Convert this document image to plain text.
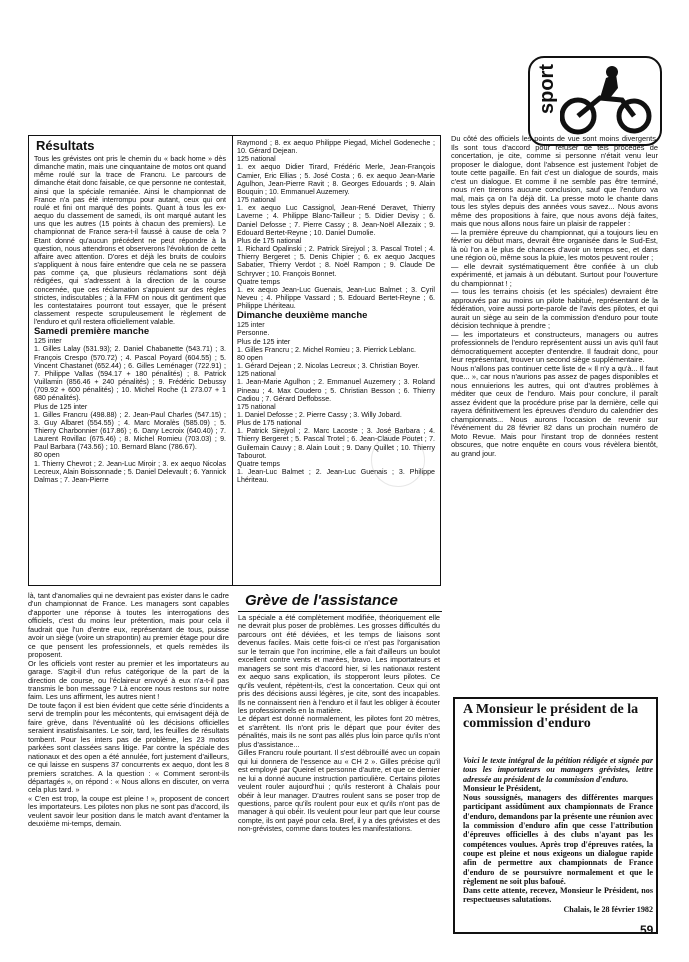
sport
Résultats

Tous les grévistes ont pris le chemin du « back home » dès dimanche matin, mais une cinquantaine de motos ont quand même roulé sur la trace de Francru. Le parcours de dimanche était donc faisable, ce que personne ne contestait, ainsi que la spéciale remaniée. Ainsi le championnat de France n'a pas été interrompu pour autant, ceux qui ont roulé et fini ont marqué des points. Quant à tous les ex-aequo du classement de samedi, ils ont marqué autant les uns que les autres (15 points à chacun des premiers). Le championnat de France sera-t-il faussé à cause de cela ? Etant donné qu'aucun précédent ne peut répondre à la question, nous attendrons et observerons l'évolution de cette affaire avec attention. D'ores et déjà les bruits de couloirs s'appliquent à nous faire entendre que cela ne se passera pas comme ça, que plusieurs réclamations sont déjà rédigées, qui s'adressent à la direction de la course concernée, que ces réclamation s'appuient sur des règles strictes, indiscutables ; à la FFM on nous dit gentiment que les contestataires pourront tout essayer, que le présent classement respecte scrupuleusement le règlement de l'enduro et qu'il restera officiellement valable.

Samedi première manche

125 inter

1. Gilles Lalay (531.93); 2. Daniel Chabanette (543.71) ; 3. François Crespo (570.72) ; 4. Pascal Poyard (604.55) ; 5. Vincent Chastanet (652.44) ; 6. Gilles Leménager (722.91) ; 7. Philippe Vallas (594.17 + 180 pénalités) ; 8. Patrick Vuillamin (856.46 + 240 pénalités) ; 9. Frédéric Debussy (709.92 + 600 pénalités) ; 10. Michel Roche (1 273.07 + 1 680 pénalités).

Plus de 125 inter

1. Gilles Francru (498.88) ; 2. Jean-Paul Charles (547.15) ; 3. Guy Albaret (554.55) ; 4. Marc Moralès (585.09) ; 5. Thierry Charbonnier (617.86) ; 6. Dany Lecroix (640.40) ; 7. Laurent Rovillac (675.46) ; 8. Michel Romieu (703.03) ; 9. Paul Barbara (743.56) ; 10. Bernard Blanc (786.67).

80 open

1. Thierry Chevrot ; 2. Jean-Luc Miroir ; 3. ex aequo Nicolas Lecreux, Alain Boissonnade ; 5. Daniel Delevault ; 6. Yannick Dalmas ; 7. Jean-Pierre

Raymond ; 8. ex aequo Philippe Piegad, Michel Godeneche ; 10. Gérard Dejean.

125 national

1. ex aequo Didier Tirard, Frédéric Merle, Jean-François Camier, Eric Ellias ; 5. José Costa ; 6. ex aequo Jean-Marie Agulhon, Jean-Pierre Ravit ; 8. Georges Edouards ; 9. Alain Bouquin ; 10. Emmanuel Auzemery.

175 national

1. ex aequo Luc Cassignol, Jean-René Deravet, Thierry Laverne ; 4. Philippe Blanc-Tailleur ; 5. Didier Devisy ; 6. Daniel Defosse ; 7. Pierre Cassy ; 8. Jean-Noël Allezaix ; 9. Edouard Bertet-Reyne ; 10. Daniel Dumolie.

Plus de 175 national

1. Richard Opalinski ; 2. Patrick Sirejyol ; 3. Pascal Trotel ; 4. Thierry Bergeret ; 5. Denis Chipier ; 6. ex aequo Jacques Sabatier, Thierry Verdot ; 8. Noël Rampon ; 9. Claude De Schryver ; 10. François Bonnet.

Quatre temps

1. ex aequo Jean-Luc Guenais, Jean-Luc Balmet ; 3. Cyril Neveu ; 4. Philippe Vassard ; 5. Edouard Bertet-Reyne ; 6. Philippe Lhériteau.

Dimanche deuxième manche

125 inter

Personne.

Plus de 125 inter

1. Gilles Francru ; 2. Michel Romieu ; 3. Pierrick Leblanc.

80 open

1. Gérard Dejean ; 2. Nicolas Lecreux ; 3. Christian Boyer.

125 national

1. Jean-Marie Agulhon ; 2. Emmanuel Auzemery ; 3. Roland Pineau ; 4. Max Coudero ; 5. Christian Besson ; 6. Thierry Cadiou ; 7. Gérard Deffobsse.

175 national

1. Daniel Defosse ; 2. Pierre Cassy ; 3. Willy Jobard.

Plus de 175 national

1. Patrick Sirejyol ; 2. Marc Lacoste ; 3. José Barbara ; 4. Thierry Bergeret ; 5. Pascal Trotel ; 6. Jean-Claude Poutet ; 7. Guilemain Cauvy ; 8. Alain Louit ; 9. Dany Quillet ; 10. Thierry Tabourot.

Quatre temps

1. Jean-Luc Balmet ; 2. Jean-Luc Guenais ; 3. Philippe Lhériteau.

là, tant d'anomalies qui ne devraient pas exister dans le cadre d'un championnat de France. Les managers sont capables d'apporter une réponse à toutes les interrogations des officiels, c'est du moins leur prétention, mais pour cela il faudrait que l'un d'entre eux, représentant de tous, puisse avoir un siège (voire un strapontin) au premier étage pour dire ce que pensent les professionnels, et quels remèdes ils proposent.

Or les officiels vont rester au premier et les importateurs au garage. S'agit-il d'un refus catégorique de la part de la direction de course, ou l'éclaireur envoyé à eux n'a-t-il pas transmis le bon message ? Là encore nous restons sur notre faim. Les uns affirment, les autres nient !

De toute façon il est bien évident que cette série d'incidents a servi de tremplin pour les mécontents, qui envisagent déjà de faire grève, dans l'éventualité où les décisions officielles seraient insatisfaisantes. Le soir, tard, les feuilles de résultats tombent. Pour les inters pas de problème, les 23 motos parkées sont classées sans litige. Par contre la spéciale des nationaux et des open a été annulée, fort justement d'ailleurs, ce qui laisse en suspens 37 concurrents ex aequo, dont les 8 premiers scratches. A la question : « Comment seront-ils départagés », on répond : « Nous allons en discuter, on verra cela plus tard. »

« C'en est trop, la coupe est pleine ! », proposent de concert les importateurs. Les pilotes non plus ne sont pas d'accord, ils veulent savoir leur position dans le match avant d'entamer la deuxième mi-temps, demain.

Grève de l'assistance

La spéciale a été complètement modifiée, théoriquement elle ne devrait plus poser de problèmes. Les grosses difficultés du parcours ont été déviées, et les temps de liaisons sont devenus faciles. Mais cette fois-ci ce n'est pas l'organisation sur le terrain que l'on incrimine, elle a fait d'ailleurs un boulot excellent contre vents et marées, bravo. Les importateurs et managers se sont mis d'accord hier, si les nationaux restent ex aequo sans explication, ils stopperont leurs pilotes. Ce qu'ils veulent, répètent-ils, c'est la concertation. Ceux qui ont pris des décisions aussi légères, je cite, sont des incapables. Ils ne connaissent rien à l'enduro et il faut les obliger à écouter les professionnels en la matière.

Le départ est donné normalement, les pilotes font 20 mètres, et s'arrêtent. Ils n'ont pris le départ que pour éviter des pénalités, mais ils ne sont pas allés plus loin parce qu'ils n'ont plus d'assistance...

Gilles Francru roule pourtant. Il s'est débrouillé avec un copain qui lui donnera de l'essence au « CH 2 ». Gilles précise qu'il est employé par Queirel et personne d'autre, et que ce dernier ne lui a donné aucune instruction particulière. Certains pilotes veulent rouler aujourd'hui ; qu'ils resteront à Chalais pour obéir à leur manager. D'autres roulent sans se poser trop de questions, parce qu'ils roulent pour eux et qu'ils n'ont pas de manager à qui obéir. Ils veulent pour leur part que leur course compte, ils ont payé pour cela. Bref, il y a des grévistes et des non-grévistes, comme dans toutes les manifestations.

Du côté des officiels les points de vue sont moins divergents. Ils sont tous d'accord pour refuser de tels procédés de concertation, je cite, comme si personne n'était venu leur proposer le dialogue, dont l'absence est justement l'objet de toute cette pagaille. En fait c'est un dialogue de sourds, mais c'est un dialogue. Et comme il ne semble pas être terminé, nous n'en tirerons aucune conclusion, sauf que l'enduro va mal, mais ça on l'a déjà dit. La presse moto le chante dans tous les styles depuis des années vous savez... Nous avons même des propositions à faire, que nous avons déjà faites, mais que nous allons nous faire un plaisir de rappeler :

— la première épreuve du championnat, qui a toujours lieu en février ou début mars, devrait être organisée dans le Sud-Est, là où l'on a le plus de chances d'avoir un temps sec, et dans une région où, même sous la pluie, les motos peuvent rouler ;

— elle devrait systématiquement être confiée à un club expérimenté, et jamais à un débutant. Surtout pour l'ouverture du championnat ! ;

— tous les terrains choisis (et les spéciales) devraient être approuvés par au moins un pilote habitué, représentant de la fédération, voire aussi porte-parole de l'avis des pilotes, et qui aurait un siège au sein de la commission d'enduro pour toute décision technique à prendre ;

— les importateurs et constructeurs, managers ou autres professionnels de l'enduro représentent aussi un avis qu'il faut démocratiquement accepter d'entendre. Il faudrait donc, pour leur représentant, trouver un second siège supplémentaire.

Nous n'allons pas continuer cette liste de « Il n'y a qu'à... Il faut que... », car nous n'aurions pas assez de pages disponibles et nous ennuierions les autres, qui ont d'autres problèmes à méditer que ceux de l'enduro. Mais pour conclure, il paraît assez évident que la procédure prise par la dernière, celle qui rayera définitivement les épreuves d'enduro du calendrier des championnats... Nous aurons l'occasion de revenir sur l'événement du 28 février 82 dans un prochain numéro de Moto Revue. Mais pour l'instant trop de données restent obscures, que notre enquête en cours vous révèlera bientôt, au grand jour.

A Monsieur le président de la commission d'enduro
Voici le texte intégral de la pétition rédigée et signée par tous les importateurs ou managers grévistes, lettre adressée au président de la commission d'enduro.
Monsieur le Président,
Nous soussignés, managers des différentes marques participant assidûment aux championnats de France d'enduro, demandons par la présente une réunion avec la commission d'enduro afin que cesse l'attribution d'épreuves officielles à des clubs n'ayant pas les compétences voulues. Après trop d'épreuves ratées, la coupe est pleine et nous exigeons un dialogue rapide afin de permettre aux championnats de France d'enduro de se poursuivre normalement et que le règlement ne soit plus bafoué.
Dans cette attente, recevez, Monsieur le Président, nos respectueuses salutations.
Chalais, le 28 février 1982
59
